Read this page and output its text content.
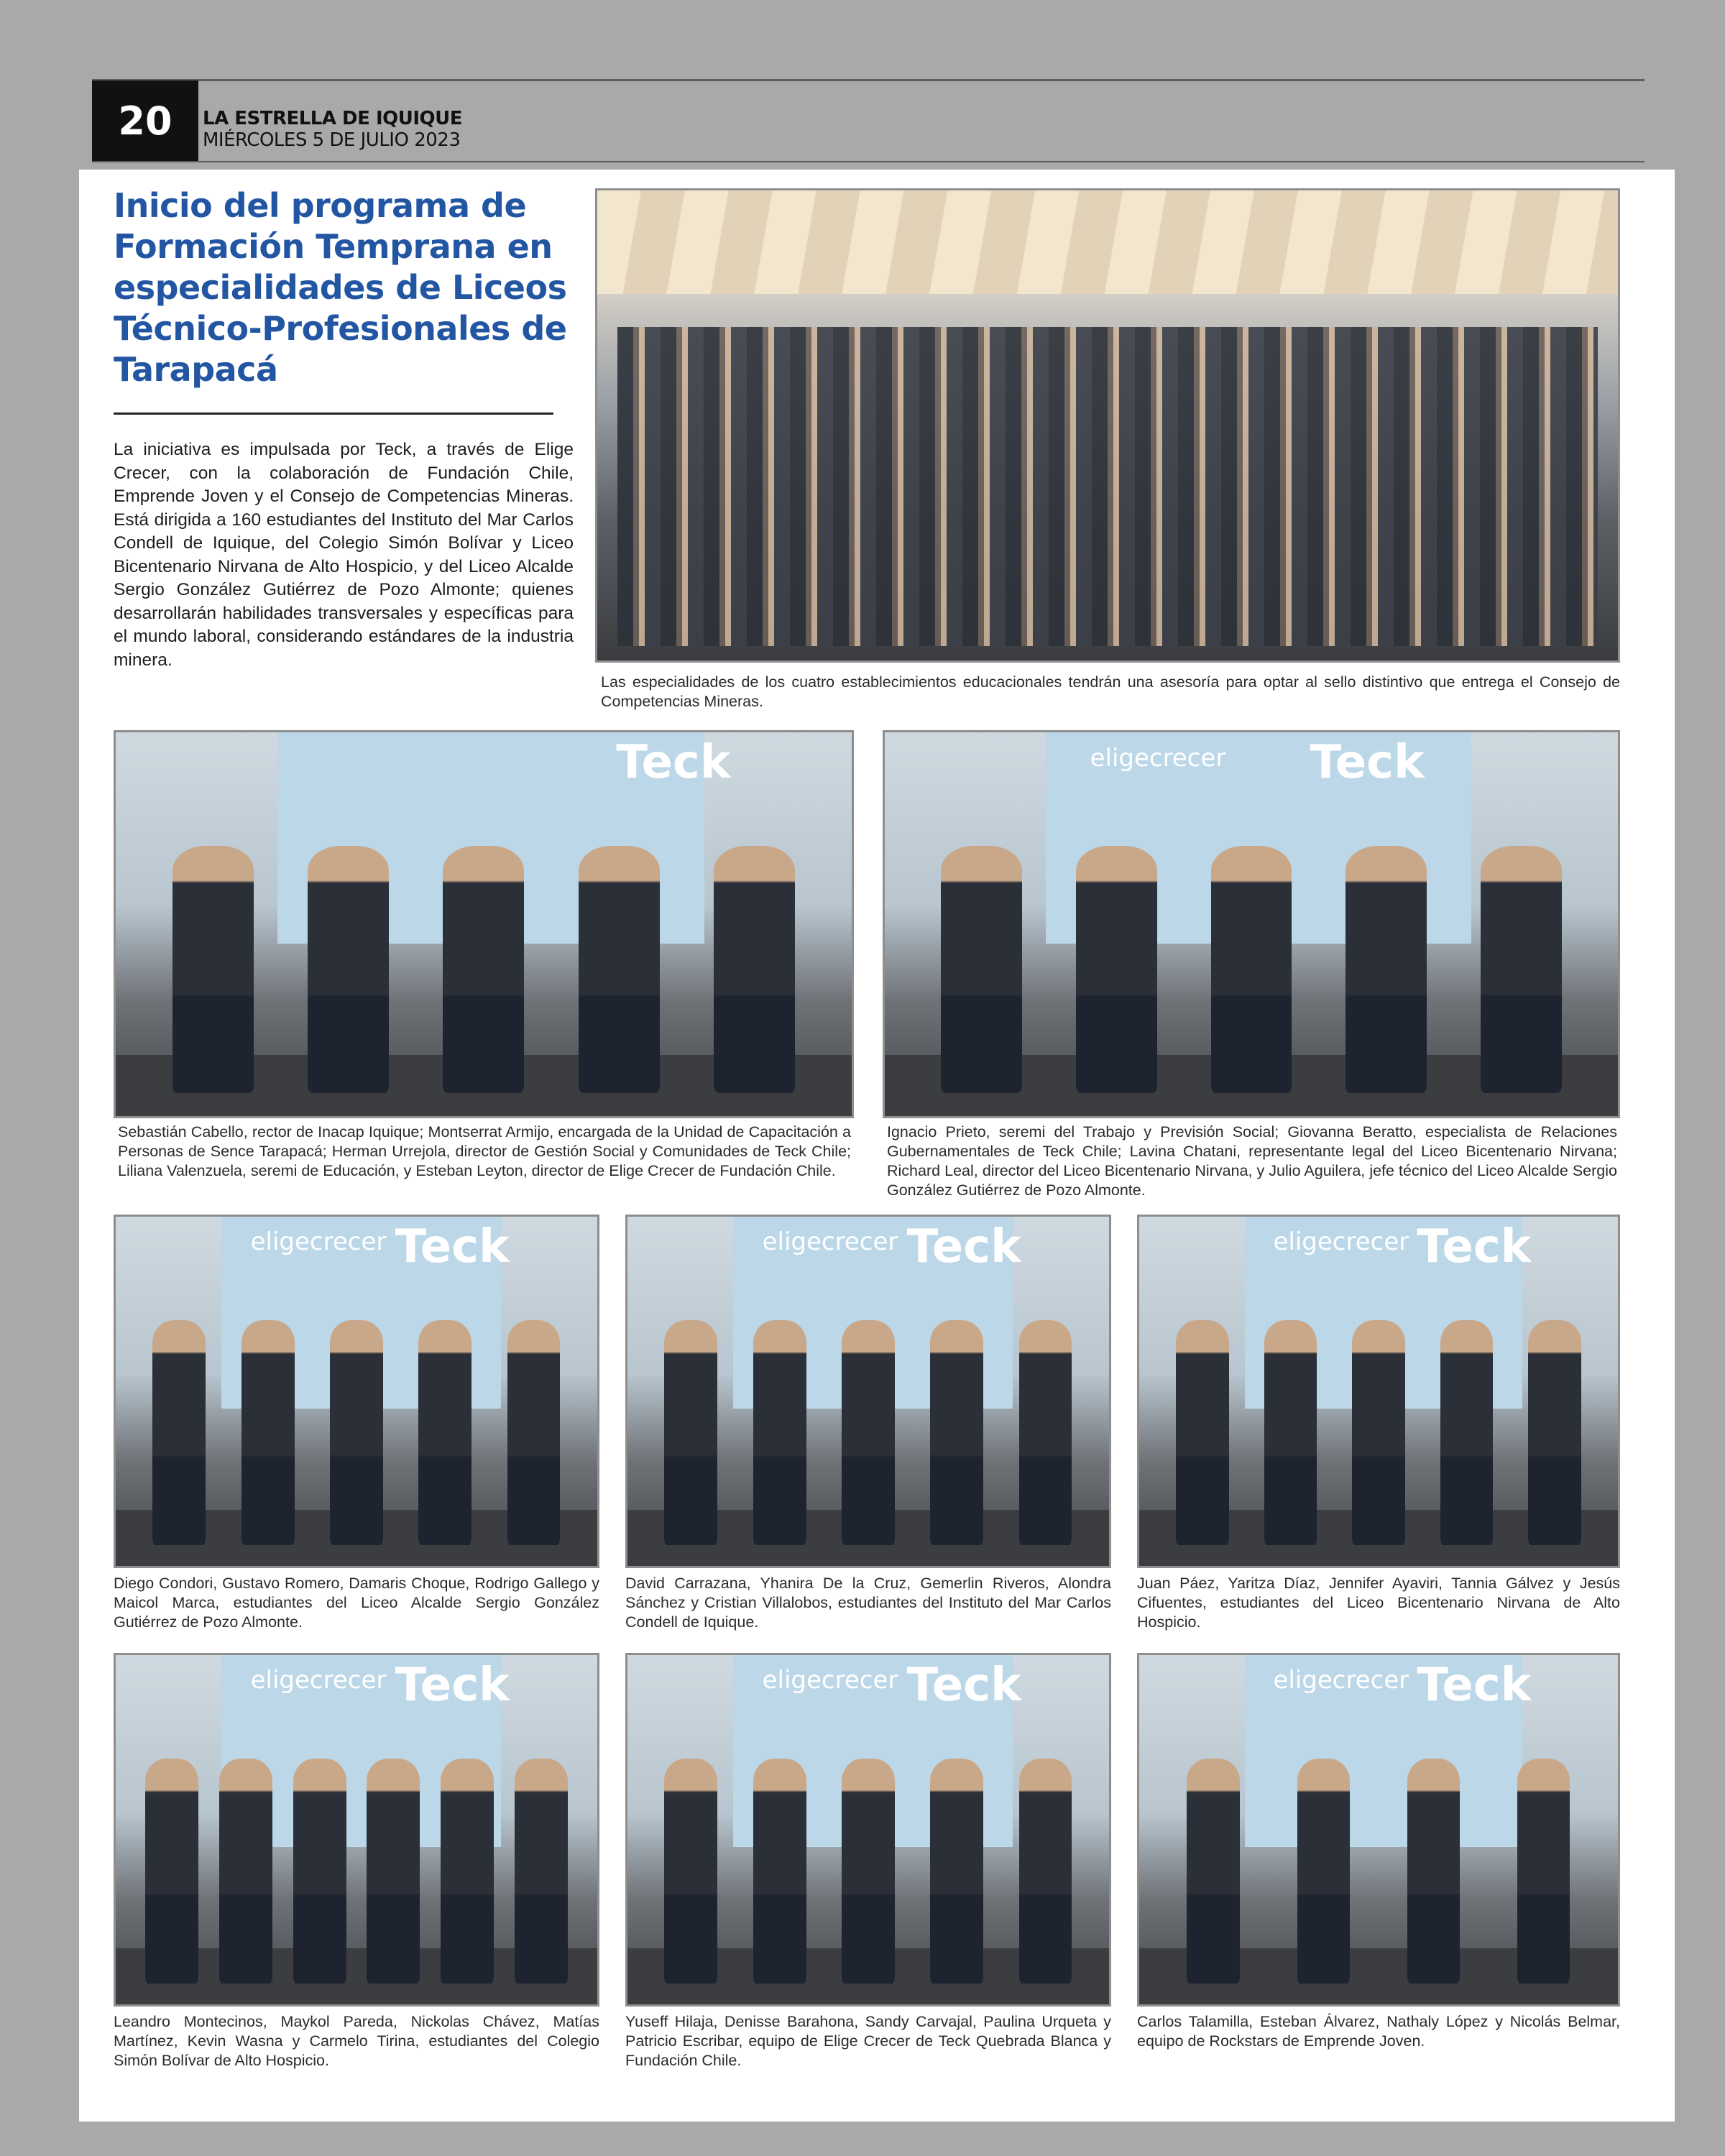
20	LA ESTRELLA DE IQUIQUE
MIÉRCOLES 5 DE JULIO 2023
Inicio del programa de Formación Temprana en especialidades de Liceos Técnico-Profesionales de Tarapacá
La iniciativa es impulsada por Teck, a través de Elige Crecer, con la colaboración de Fundación Chile, Emprende Joven y el Consejo de Competencias Mineras. Está dirigida a 160 estudiantes del Instituto del Mar Carlos Condell de Iquique, del Colegio Simón Bolívar y Liceo Bicentenario Nirvana de Alto Hospicio, y del Liceo Alcalde Sergio González Gutiérrez de Pozo Almonte; quienes desarrollarán habilidades transversales y específicas para el mundo laboral, considerando estándares de la industria minera.
Las especialidades de los cuatro establecimientos educacionales tendrán una asesoría para optar al sello distintivo que entrega el Consejo de Competencias Mineras.
Teck
Sebastián Cabello, rector de Inacap Iquique; Montserrat Armijo, encargada de la Unidad de Capacitación a Personas de Sence Tarapacá; Herman Urrejola, director de Gestión Social y Comunidades de Teck Chile; Liliana Valenzuela, seremi de Educación, y Esteban Leyton, director de Elige Crecer de Fundación Chile.
eligecrecer Teck
Ignacio Prieto, seremi del Trabajo y Previsión Social; Giovanna Beratto, especialista de Relaciones Gubernamentales de Teck Chile; Lavina Chatani, representante legal del Liceo Bicentenario Nirvana; Richard Leal, director del Liceo Bicentenario Nirvana, y Julio Aguilera, jefe técnico del Liceo Alcalde Sergio González Gutiérrez de Pozo Almonte.
eligecrecer Teck
Diego Condori, Gustavo Romero, Damaris Choque, Rodrigo Gallego y Maicol Marca, estudiantes del Liceo Alcalde Sergio González Gutiérrez de Pozo Almonte.
eligecrecer Teck
David Carrazana, Yhanira De la Cruz, Gemerlin Riveros, Alondra Sánchez y Cristian Villalobos, estudiantes del Instituto del Mar Carlos Condell de Iquique.
eligecrecer Teck
Juan Páez, Yaritza Díaz, Jennifer Ayaviri, Tannia Gálvez y Jesús Cifuentes, estudiantes del Liceo Bicentenario Nirvana de Alto Hospicio.
eligecrecer Teck
Leandro Montecinos, Maykol Pareda, Nickolas Chávez, Matías Martínez, Kevin Wasna y Carmelo Tirina, estudiantes del Colegio Simón Bolívar de Alto Hospicio.
eligecrecer Teck
Yuseff Hilaja, Denisse Barahona, Sandy Carvajal, Paulina Urqueta y Patricio Escribar, equipo de Elige Crecer de Teck Quebrada Blanca y Fundación Chile.
eligecrecer Teck
Carlos Talamilla, Esteban Álvarez, Nathaly López y Nicolás Belmar, equipo de Rockstars de Emprende Joven.
